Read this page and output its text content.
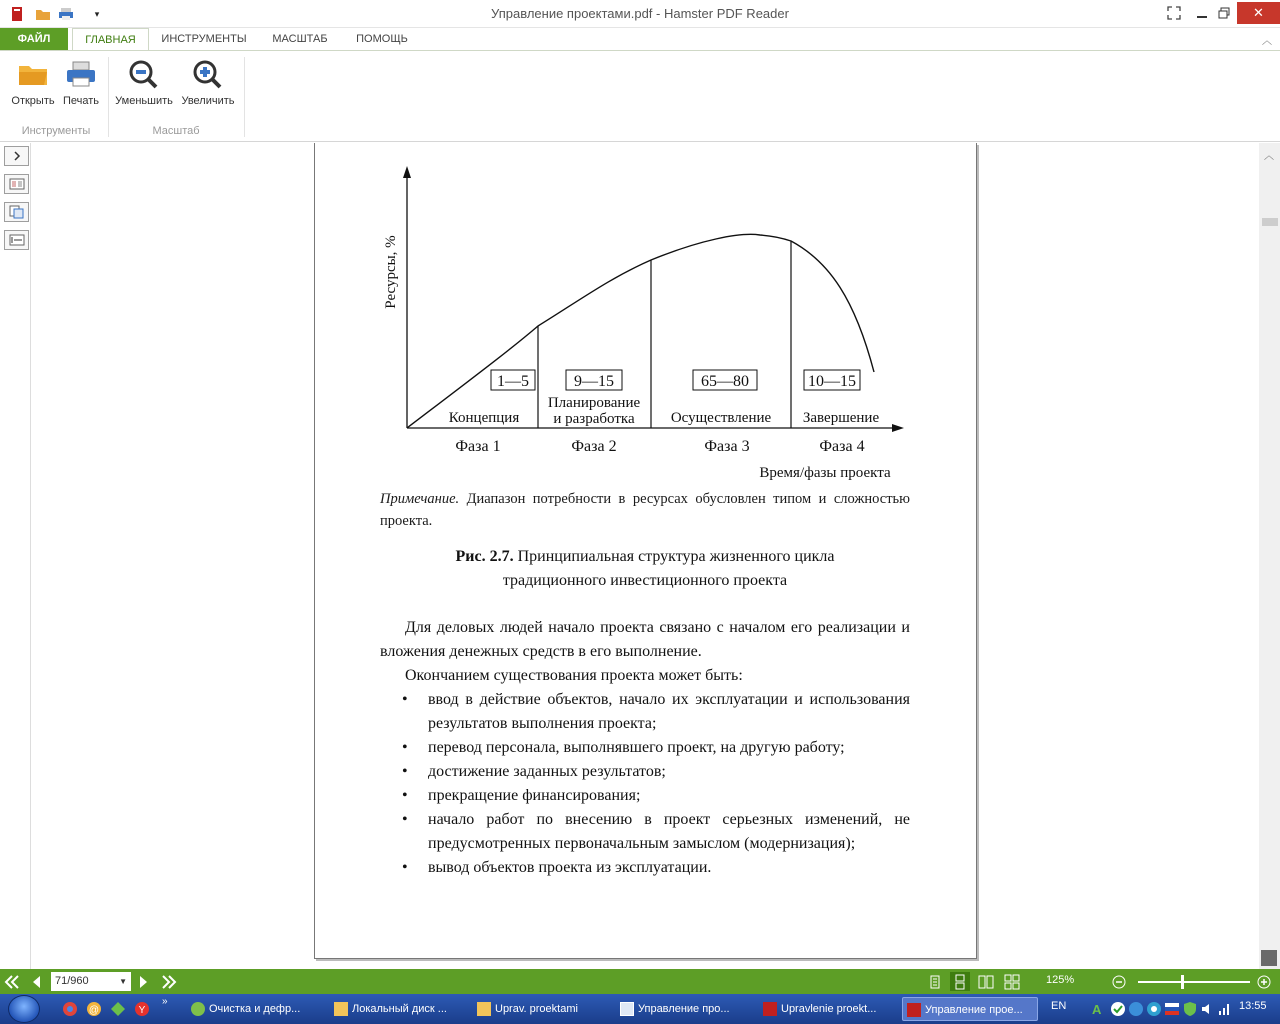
▾	Управление проектами.pdf - Hamster PDF Reader	✕
ФАЙЛ	ГЛАВНАЯ	ИНСТРУМЕНТЫ	МАСШТАБ	ПОМОЩЬ	︿
Открыть Печать	Уменьшить Увеличить
Инструменты	Масштаб
1—5	9—15	65—80	10—15
Концепция
Планирование
и разработка Осуществление Завершение
Фаза 1	Фаза 2	Фаза 3	Фаза 4
Время/фазы проекта
Ресурсы, %
Примечание. Диапазон потребности в ресурсах обусловлен типом и сложностью проекта.
Рис. 2.7. Принципиальная структура жизненного цикла
традиционного инвестиционного проекта

Для деловых людей начало проекта связано с началом его реализации и вложения денежных средств в его выполнение.

Окончанием существования проекта может быть:

• ввод в действие объектов, начало их эксплуатации и использования результатов выполнения проекта;
• перевод персонала, выполнявшего проект, на другую работу;
• достижение заданных результатов;
• прекращение финансирования;
• начало работ по внесению в проект серьезных изменений, не предусмотренных первоначальным замыслом (модернизация);
• вывод объектов проекта из эксплуатации.
︿
71/960	▼	125%
@	Y
»
Очистка и дефр...	Локальный диск ...	Uprav. proektami	Управление про...	Upravlenie proekt...	Управление прое...	EN A	13:55
